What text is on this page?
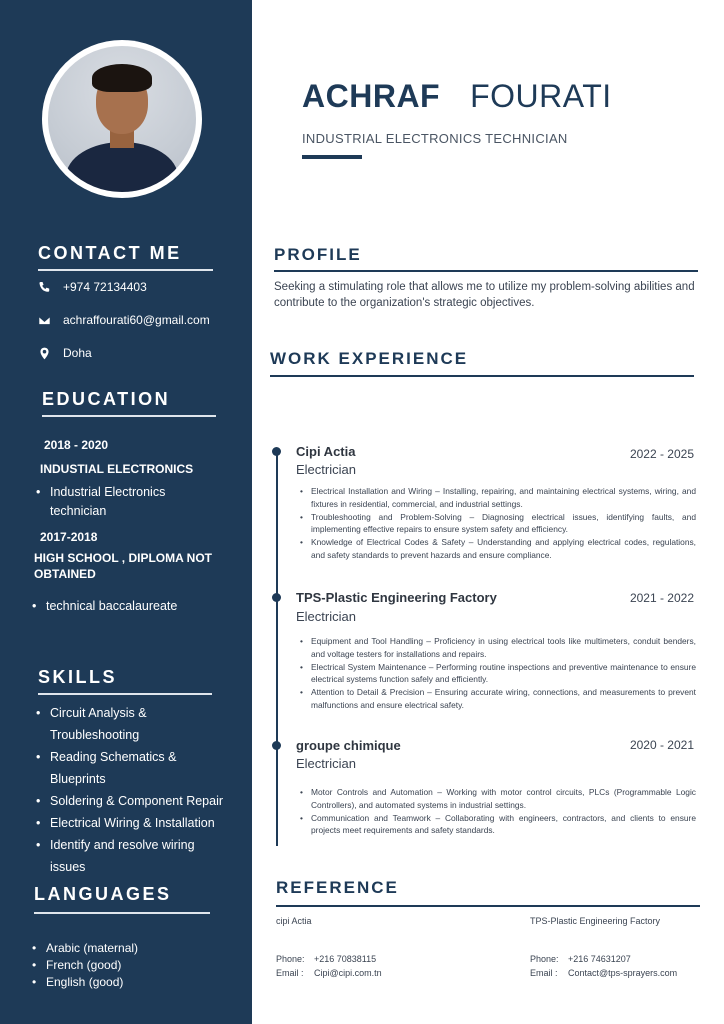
CONTACT ME
+974 72134403
achraffourati60@gmail.com
Doha
EDUCATION
2018 - 2020
INDUSTIAL ELECTRONICS
• Industrial Electronics technician
2017-2018
HIGH SCHOOL , DIPLOMA NOT OBTAINED
• technical baccalaureate
SKILLS
• Circuit Analysis & Troubleshooting
• Reading Schematics & Blueprints
• Soldering & Component Repair
• Electrical Wiring & Installation
• Identify and resolve wiring issues
LANGUAGES
• Arabic (maternal)
• French (good)
• English (good)
ACHRAF FOURATI
INDUSTRIAL ELECTRONICS TECHNICIAN
PROFILE
Seeking a stimulating role that allows me to utilize my problem-solving abilities and contribute to the organization's strategic objectives.
WORK EXPERIENCE
Cipi Actia	2022 - 2025
Electrician
• Electrical Installation and Wiring – Installing, repairing, and maintaining electrical systems, wiring, and fixtures in residential, commercial, and industrial settings.
• Troubleshooting and Problem-Solving – Diagnosing electrical issues, identifying faults, and implementing effective repairs to ensure system safety and efficiency.
• Knowledge of Electrical Codes & Safety – Understanding and applying electrical codes, regulations, and safety standards to prevent hazards and ensure compliance.
TPS-Plastic Engineering Factory	2021 - 2022
Electrician
• Equipment and Tool Handling – Proficiency in using electrical tools like multimeters, conduit benders, and voltage testers for installations and repairs.
• Electrical System Maintenance – Performing routine inspections and preventive maintenance to ensure electrical systems function safely and efficiently.
• Attention to Detail & Precision – Ensuring accurate wiring, connections, and measurements to prevent malfunctions and ensure electrical safety.
groupe chimique	2020 - 2021
Electrician
• Motor Controls and Automation – Working with motor control circuits, PLCs (Programmable Logic Controllers), and automated systems in industrial settings.
• Communication and Teamwork – Collaborating with engineers, contractors, and clients to ensure projects meet requirements and safety standards.
REFERENCE
cipi Actia
Phone:	+216 70838115
Email :	Cipi@cipi.com.tn
TPS-Plastic Engineering Factory
Phone:	+216 74631207
Email :	Contact@tps-sprayers.com
